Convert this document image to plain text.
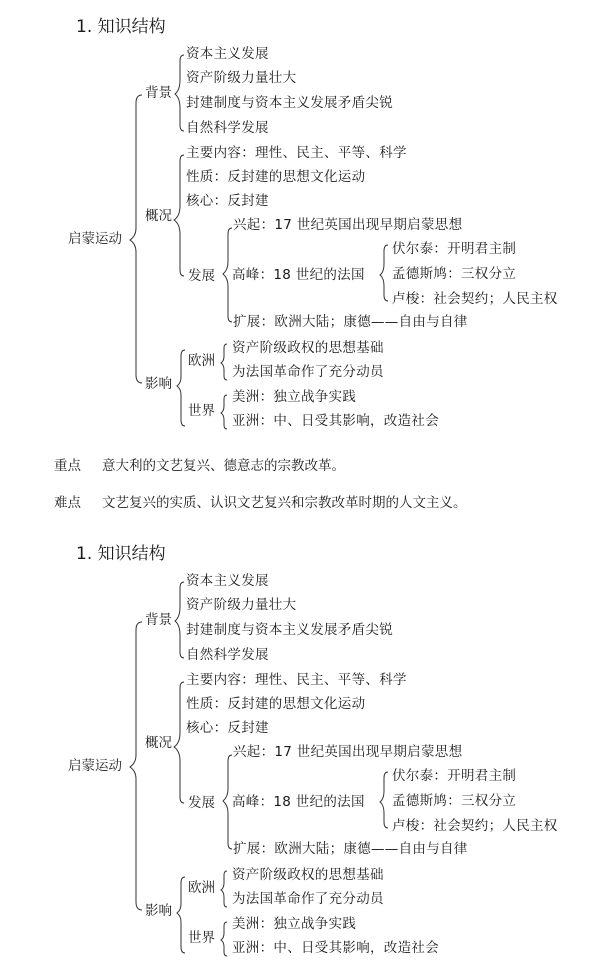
1. 知识结构
启蒙运动
背景
资本主义发展
资产阶级力量壮大
封建制度与资本主义发展矛盾尖锐
自然科学发展
概况
主要内容：理性、民主、平等、科学
性质：反封建的思想文化运动
核心：反封建
发展
兴起：17 世纪英国出现早期启蒙思想
高峰：18 世纪的法国
伏尔泰：开明君主制
孟德斯鸠：三权分立
卢梭：社会契约；人民主权
扩展：欧洲大陆；康德——自由与自律
影响
欧洲
资产阶级政权的思想基础
为法国革命作了充分动员
世界
美洲：独立战争实践
亚洲：中、日受其影响，改造社会
重点 意大利的文艺复兴、德意志的宗教改革。
难点 文艺复兴的实质、认识文艺复兴和宗教改革时期的人文主义。
1. 知识结构
启蒙运动
背景
资本主义发展
资产阶级力量壮大
封建制度与资本主义发展矛盾尖锐
自然科学发展
概况
主要内容：理性、民主、平等、科学
性质：反封建的思想文化运动
核心：反封建
发展
兴起：17 世纪英国出现早期启蒙思想
高峰：18 世纪的法国
伏尔泰：开明君主制
孟德斯鸠：三权分立
卢梭：社会契约；人民主权
扩展：欧洲大陆；康德——自由与自律
影响
欧洲
资产阶级政权的思想基础
为法国革命作了充分动员
世界
美洲：独立战争实践
亚洲：中、日受其影响，改造社会
